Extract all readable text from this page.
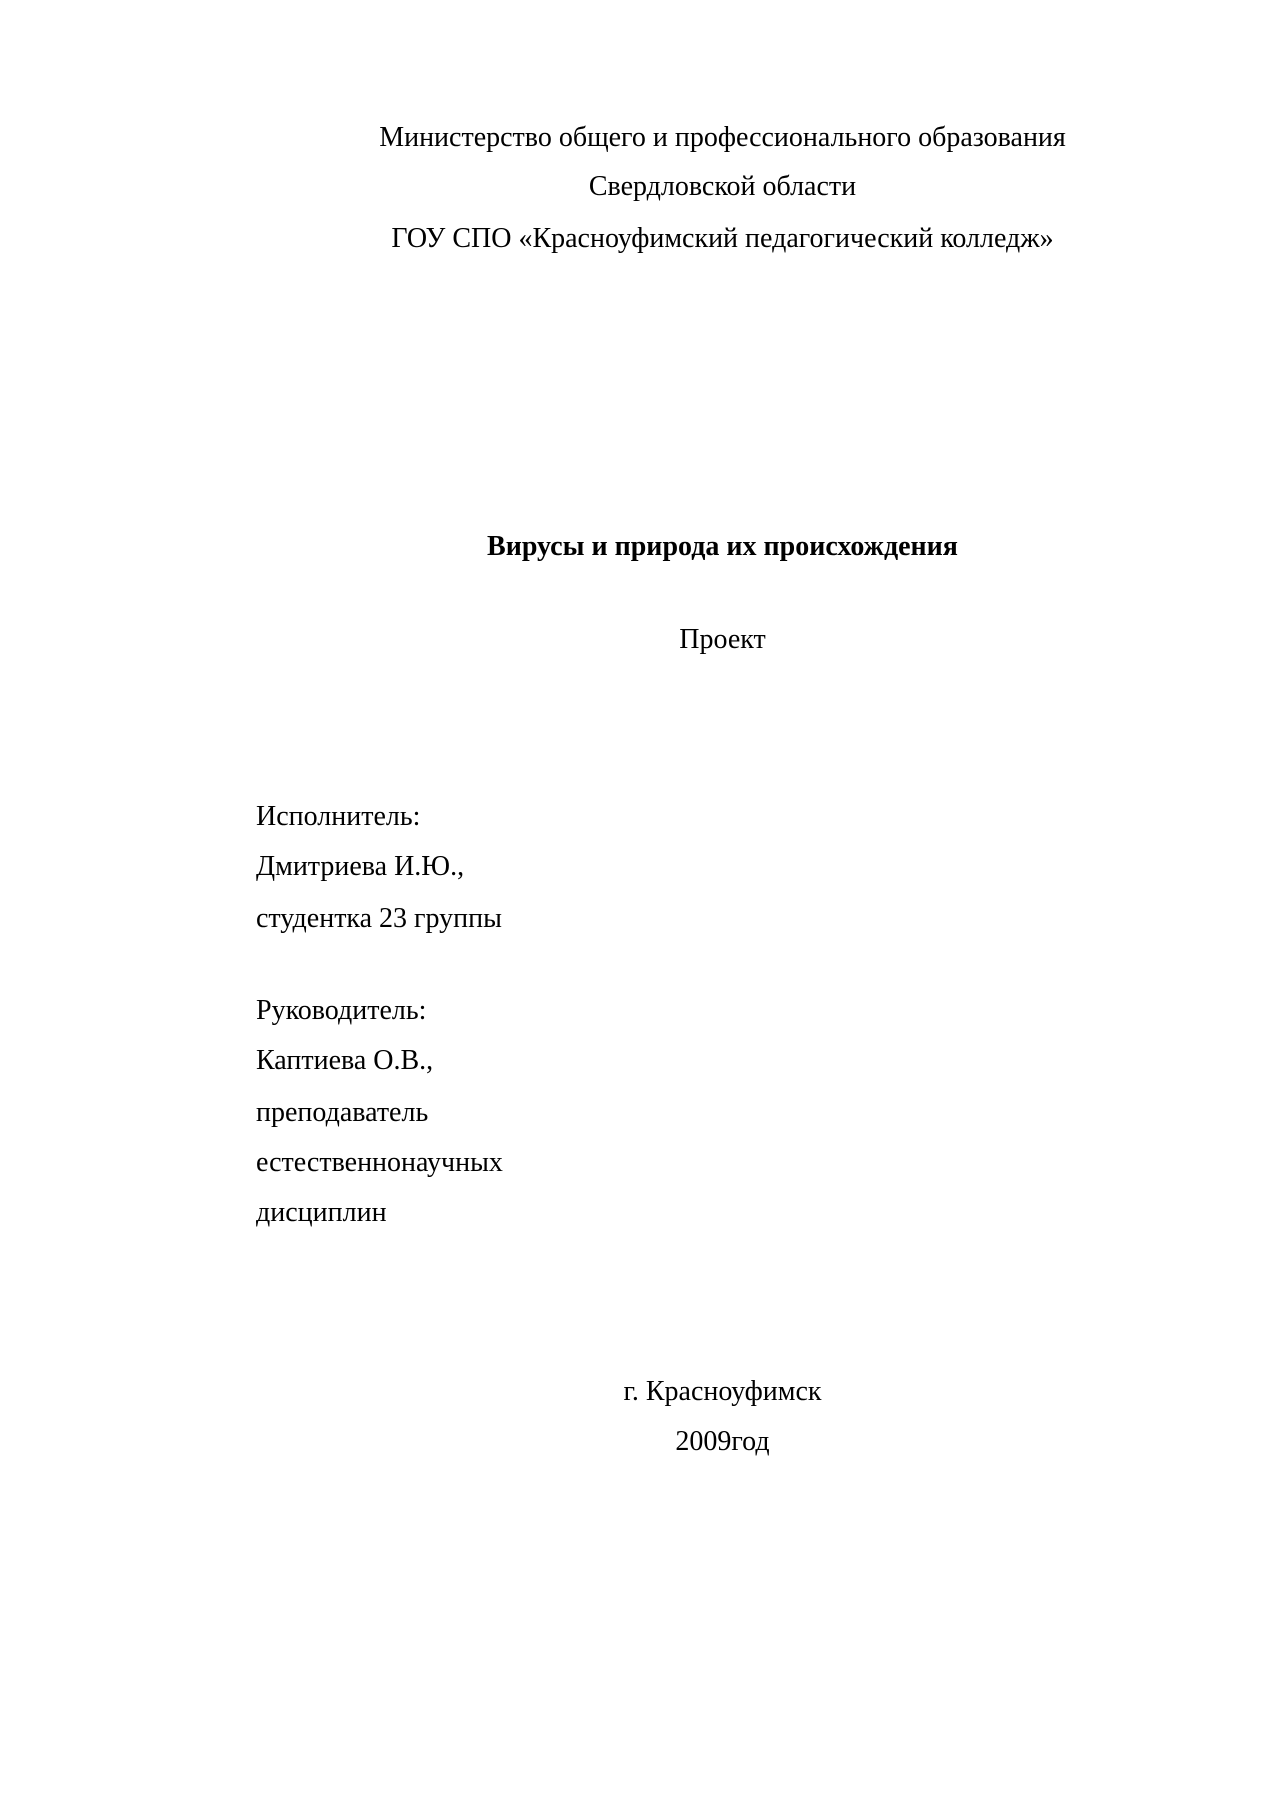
Министерство общего и профессионального образования
Свердловской области
ГОУ СПО «Красноуфимский педагогический колледж»
Вирусы и природа их происхождения
Проект
Исполнитель:
Дмитриева И.Ю.,
студентка 23 группы
Руководитель:
Каптиева О.В.,
преподаватель
естественнонаучных
дисциплин
г. Красноуфимск
2009год
